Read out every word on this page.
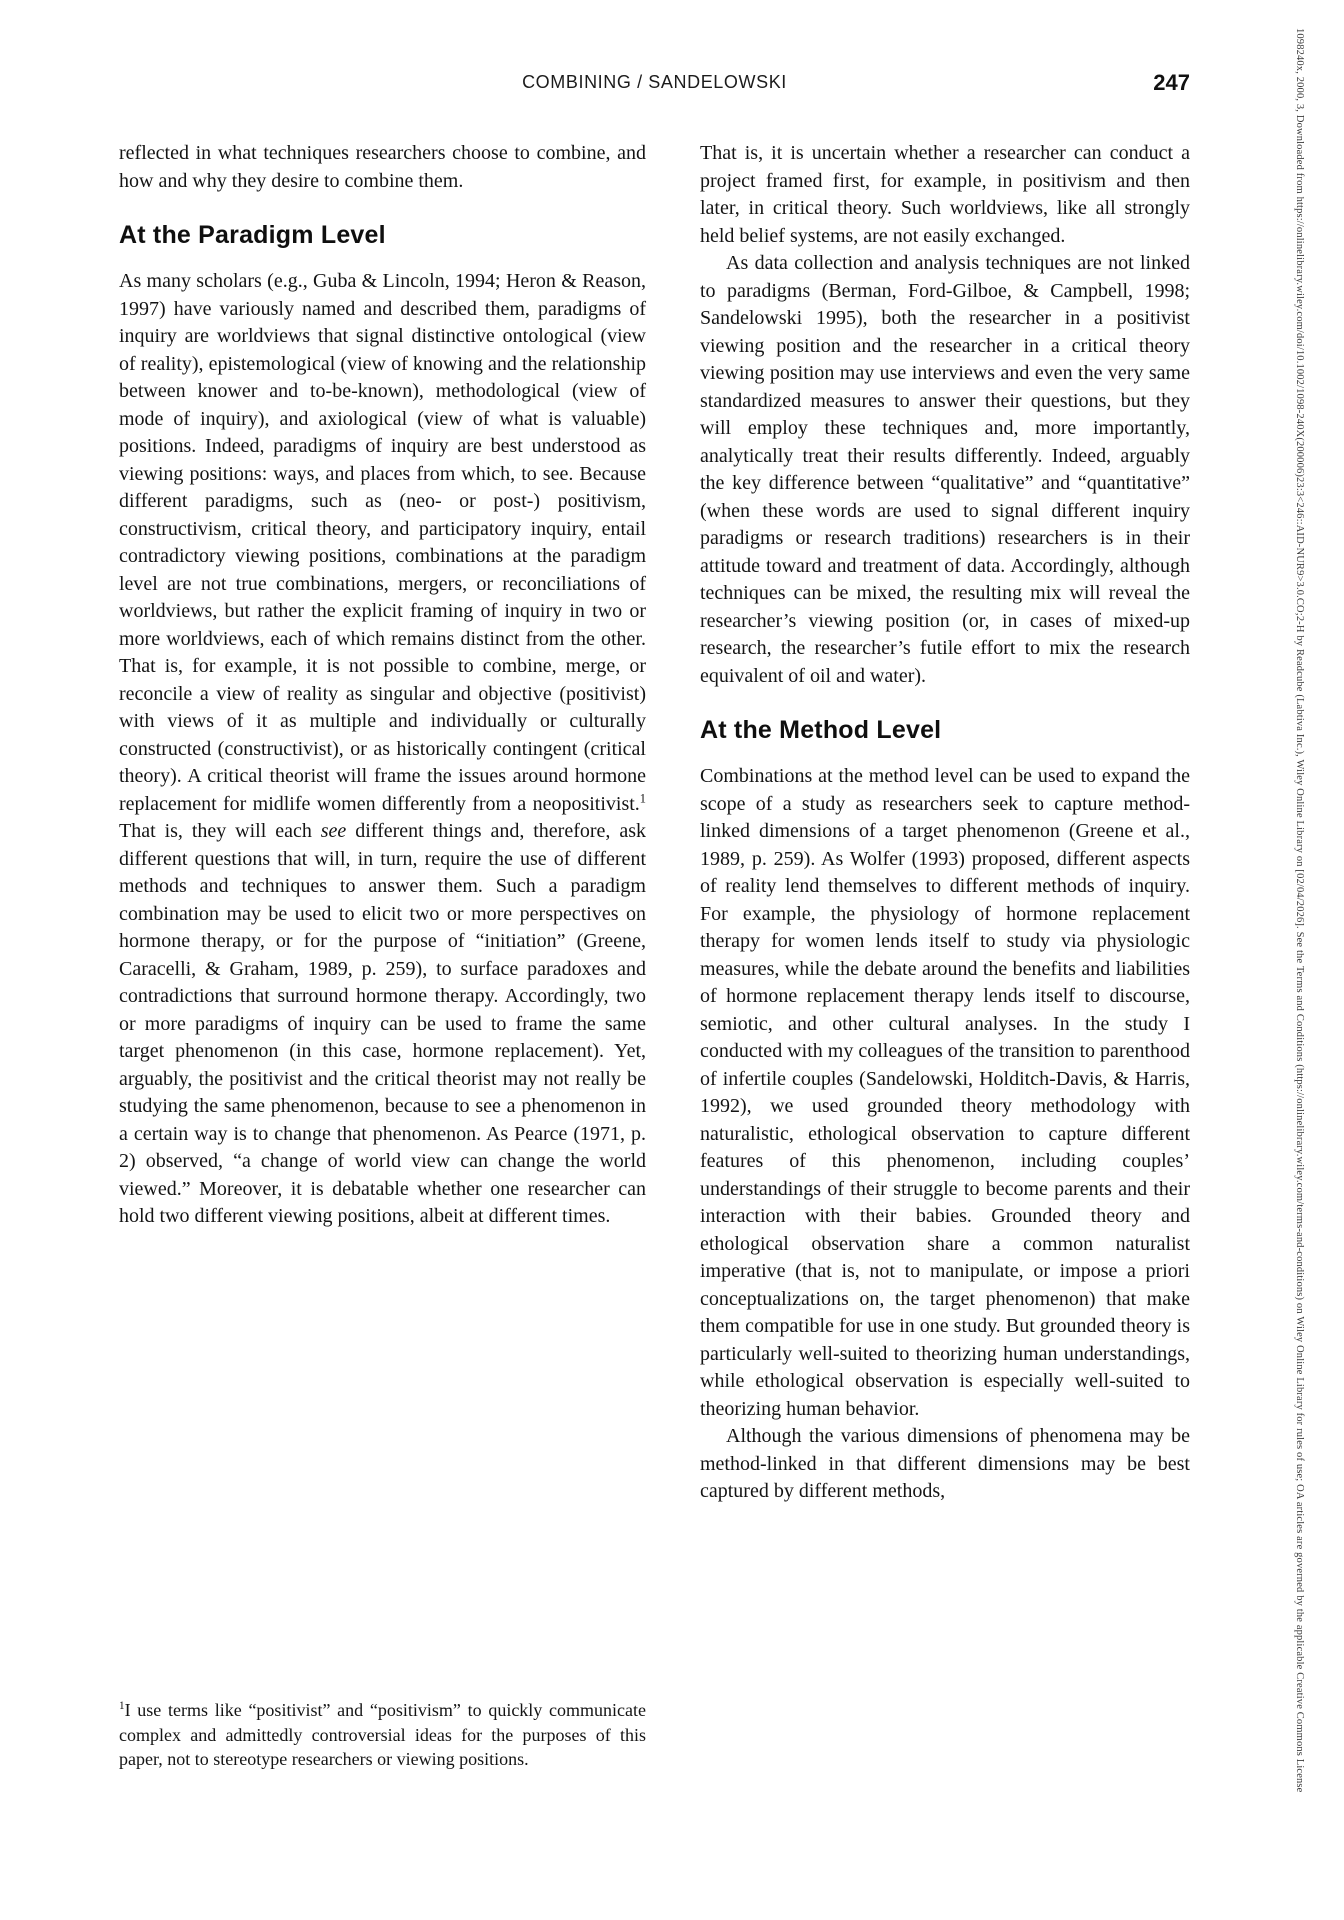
COMBINING / SANDELOWSKI	247

reflected in what techniques researchers choose to combine, and how and why they desire to combine them.

At the Paradigm Level

As many scholars (e.g., Guba & Lincoln, 1994; Heron & Reason, 1997) have variously named and described them, paradigms of inquiry are worldviews that signal distinctive ontological (view of reality), epistemological (view of knowing and the relationship between knower and to-be-known), methodological (view of mode of inquiry), and axiological (view of what is valuable) positions. Indeed, paradigms of inquiry are best understood as viewing positions: ways, and places from which, to see. Because different paradigms, such as (neo- or post-) positivism, constructivism, critical theory, and participatory inquiry, entail contradictory viewing positions, combinations at the paradigm level are not true combinations, mergers, or reconciliations of worldviews, but rather the explicit framing of inquiry in two or more worldviews, each of which remains distinct from the other. That is, for example, it is not possible to combine, merge, or reconcile a view of reality as singular and objective (positivist) with views of it as multiple and individually or culturally constructed (constructivist), or as historically contingent (critical theory). A critical theorist will frame the issues around hormone replacement for midlife women differently from a neopositivist.$^1$ That is, they will each see different things and, therefore, ask different questions that will, in turn, require the use of different methods and techniques to answer them. Such a paradigm combination may be used to elicit two or more perspectives on hormone therapy, or for the purpose of “initiation” (Greene, Caracelli, & Graham, 1989, p. 259), to surface paradoxes and contradictions that surround hormone therapy. Accordingly, two or more paradigms of inquiry can be used to frame the same target phenomenon (in this case, hormone replacement). Yet, arguably, the positivist and the critical theorist may not really be studying the same phenomenon, because to see a phenomenon in a certain way is to change that phenomenon. As Pearce (1971, p. 2) observed, “a change of world view can change the world viewed.” Moreover, it is debatable whether one researcher can hold two different viewing positions, albeit at different times.

That is, it is uncertain whether a researcher can conduct a project framed first, for example, in positivism and then later, in critical theory. Such worldviews, like all strongly held belief systems, are not easily exchanged.

As data collection and analysis techniques are not linked to paradigms (Berman, Ford-Gilboe, & Campbell, 1998; Sandelowski 1995), both the researcher in a positivist viewing position and the researcher in a critical theory viewing position may use interviews and even the very same standardized measures to answer their questions, but they will employ these techniques and, more importantly, analytically treat their results differently. Indeed, arguably the key difference between “qualitative” and “quantitative” (when these words are used to signal different inquiry paradigms or research traditions) researchers is in their attitude toward and treatment of data. Accordingly, although techniques can be mixed, the resulting mix will reveal the researcher’s viewing position (or, in cases of mixed-up research, the researcher’s futile effort to mix the research equivalent of oil and water).

At the Method Level

Combinations at the method level can be used to expand the scope of a study as researchers seek to capture method-linked dimensions of a target phenomenon (Greene et al., 1989, p. 259). As Wolfer (1993) proposed, different aspects of reality lend themselves to different methods of inquiry. For example, the physiology of hormone replacement therapy for women lends itself to study via physiologic measures, while the debate around the benefits and liabilities of hormone replacement therapy lends itself to discourse, semiotic, and other cultural analyses. In the study I conducted with my colleagues of the transition to parenthood of infertile couples (Sandelowski, Holditch-Davis, & Harris, 1992), we used grounded theory methodology with naturalistic, ethological observation to capture different features of this phenomenon, including couples’ understandings of their struggle to become parents and their interaction with their babies. Grounded theory and ethological observation share a common naturalist imperative (that is, not to manipulate, or impose a priori conceptualizations on, the target phenomenon) that make them compatible for use in one study. But grounded theory is particularly well-suited to theorizing human understandings, while ethological observation is especially well-suited to theorizing human behavior.

Although the various dimensions of phenomena may be method-linked in that different dimensions may be best captured by different methods,

$^1$I use terms like “positivist” and “positivism” to quickly communicate complex and admittedly controversial ideas for the purposes of this paper, not to stereotype researchers or viewing positions.	1098240x, 2000, 3, Downloaded from https://onlinelibrary.wiley.com/doi/10.1002/1098-240X(200006)23:3<246::AID-NUR9>3.0.CO;2-H by Readcube (Labtiva Inc.), Wiley Online Library on [02/04/2026]. See the Terms and Conditions (https://onlinelibrary.wiley.com/terms-and-conditions) on Wiley Online Library for rules of use; OA articles are governed by the applicable Creative Commons License
